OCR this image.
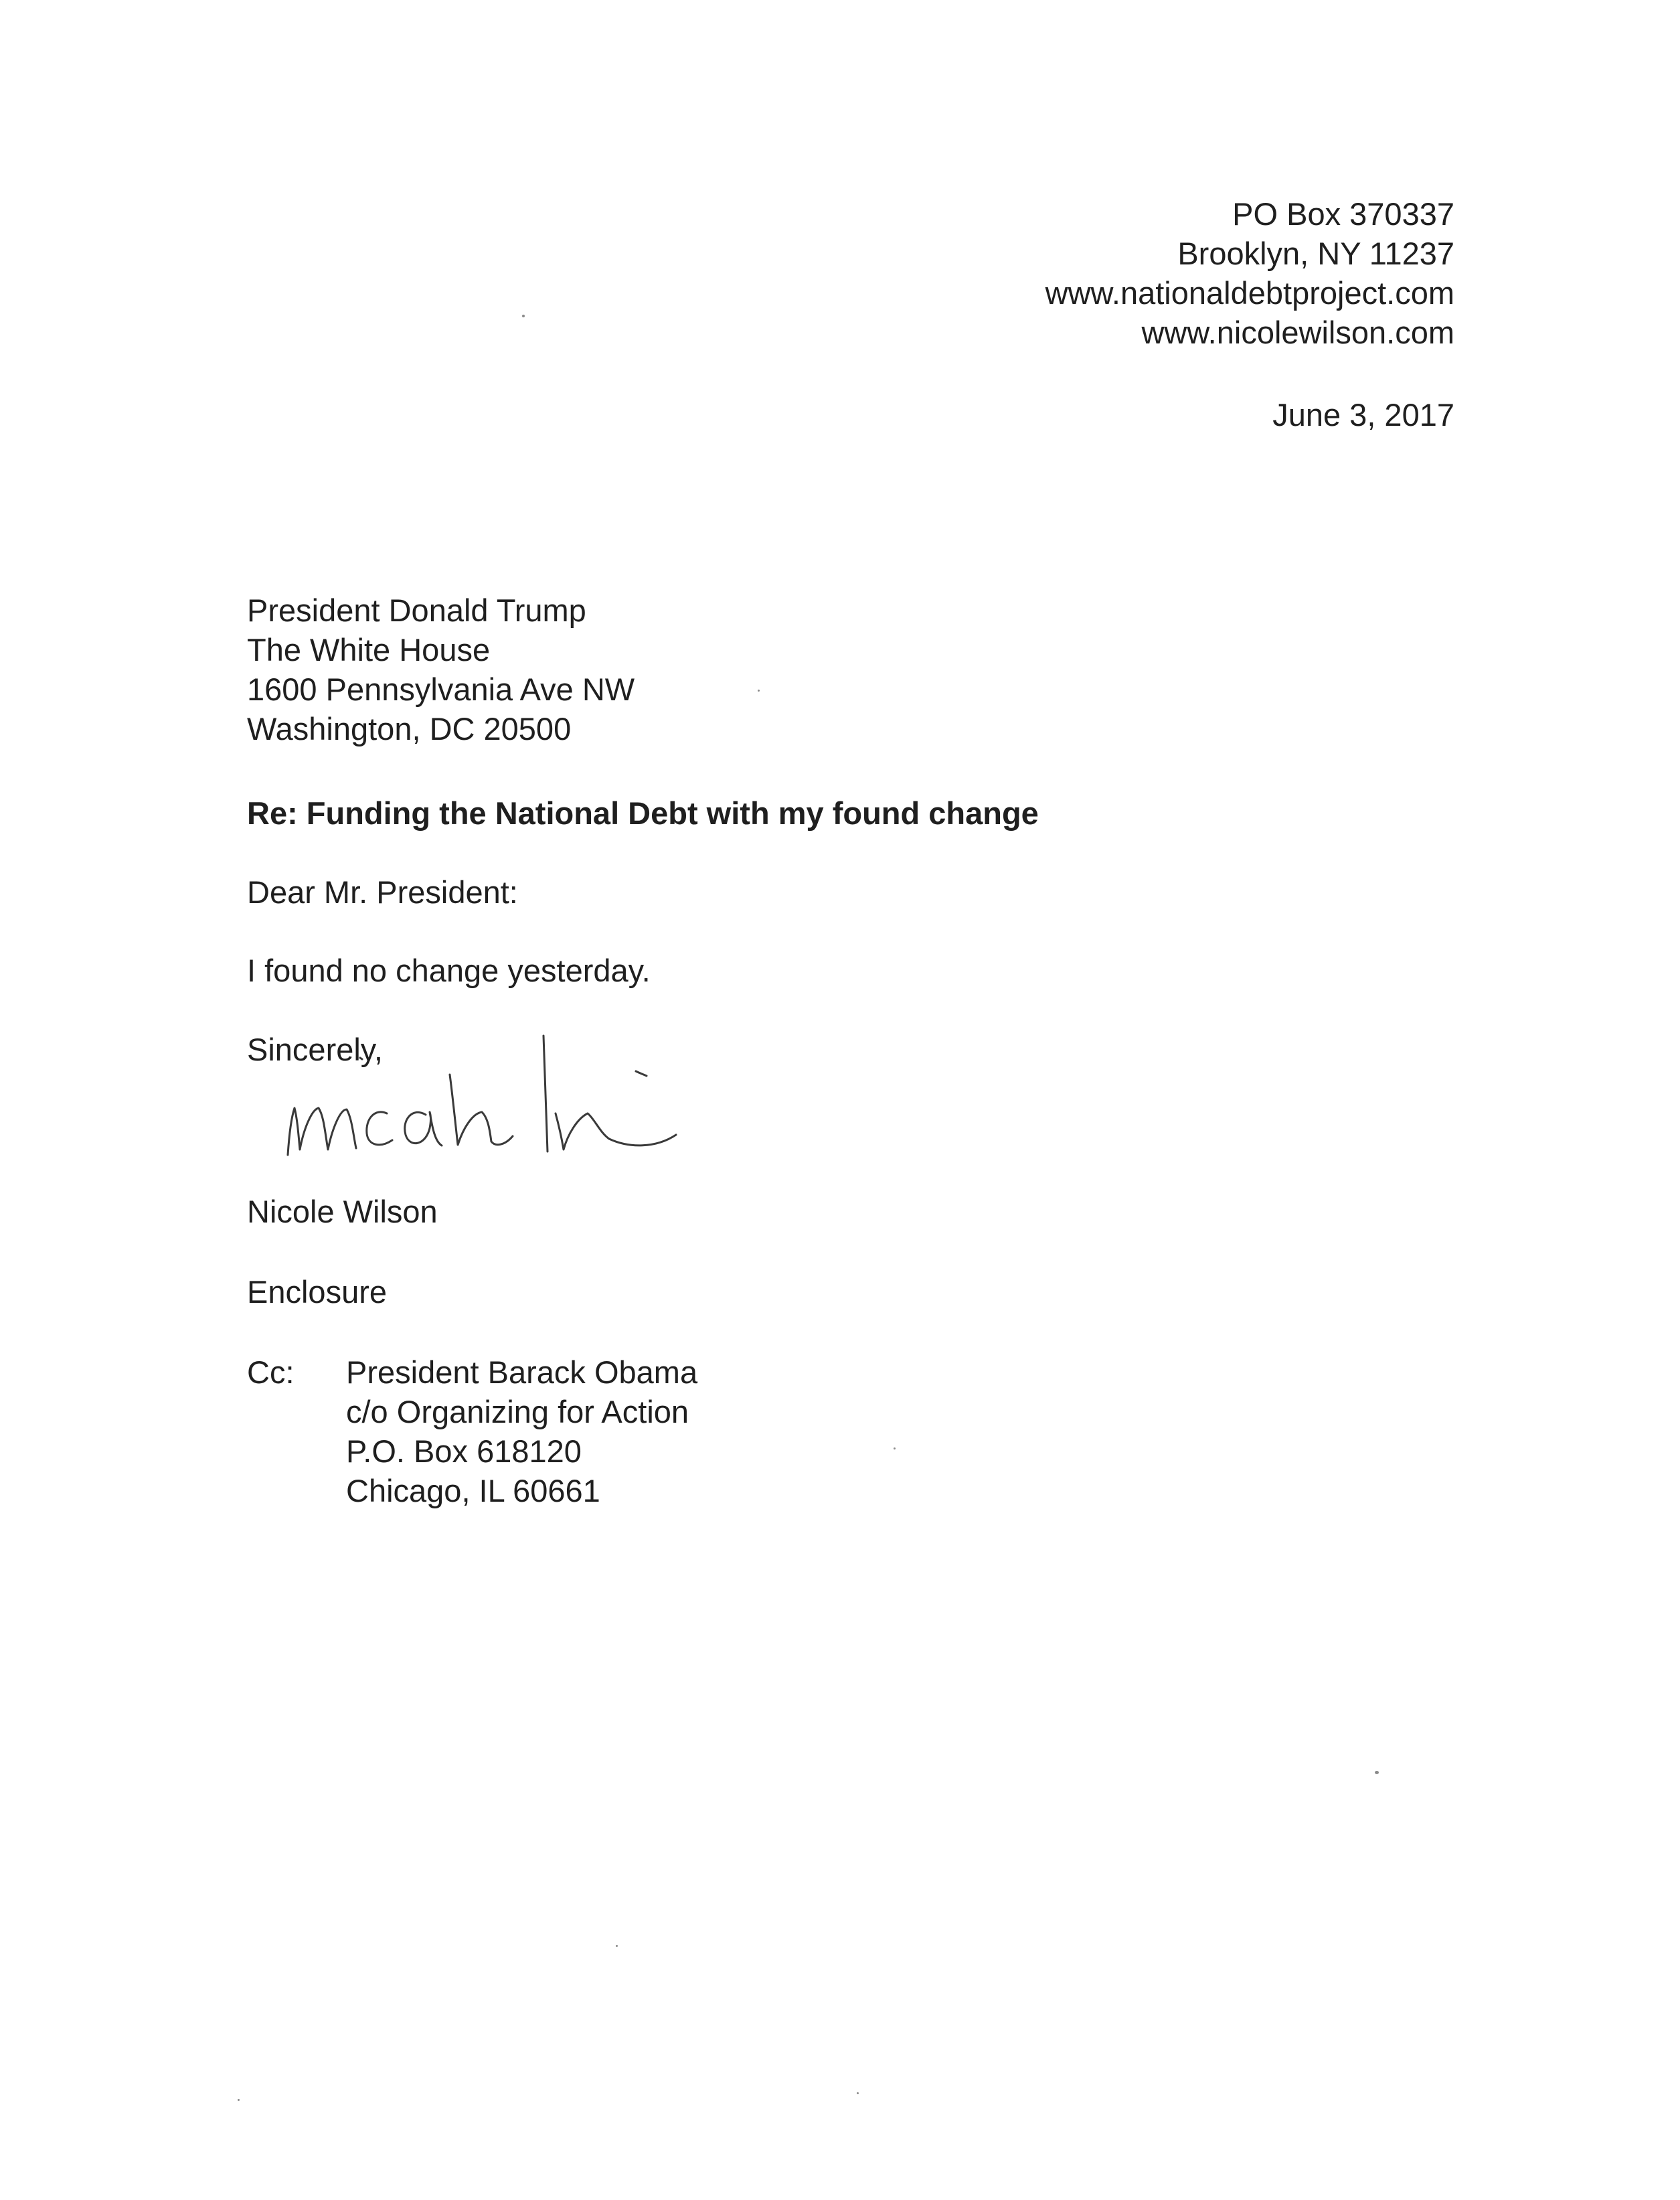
PO Box 370337
Brooklyn, NY 11237
www.nationaldebtproject.com
www.nicolewilson.com
June 3, 2017
President Donald Trump
The White House
1600 Pennsylvania Ave NW
Washington, DC 20500
Re: Funding the National Debt with my found change
Dear Mr. President:
I found no change yesterday.
Sincerely,
Nicole Wilson
Enclosure
Cc: President Barack Obama
c/o Organizing for Action
P.O. Box 618120
Chicago, IL 60661
